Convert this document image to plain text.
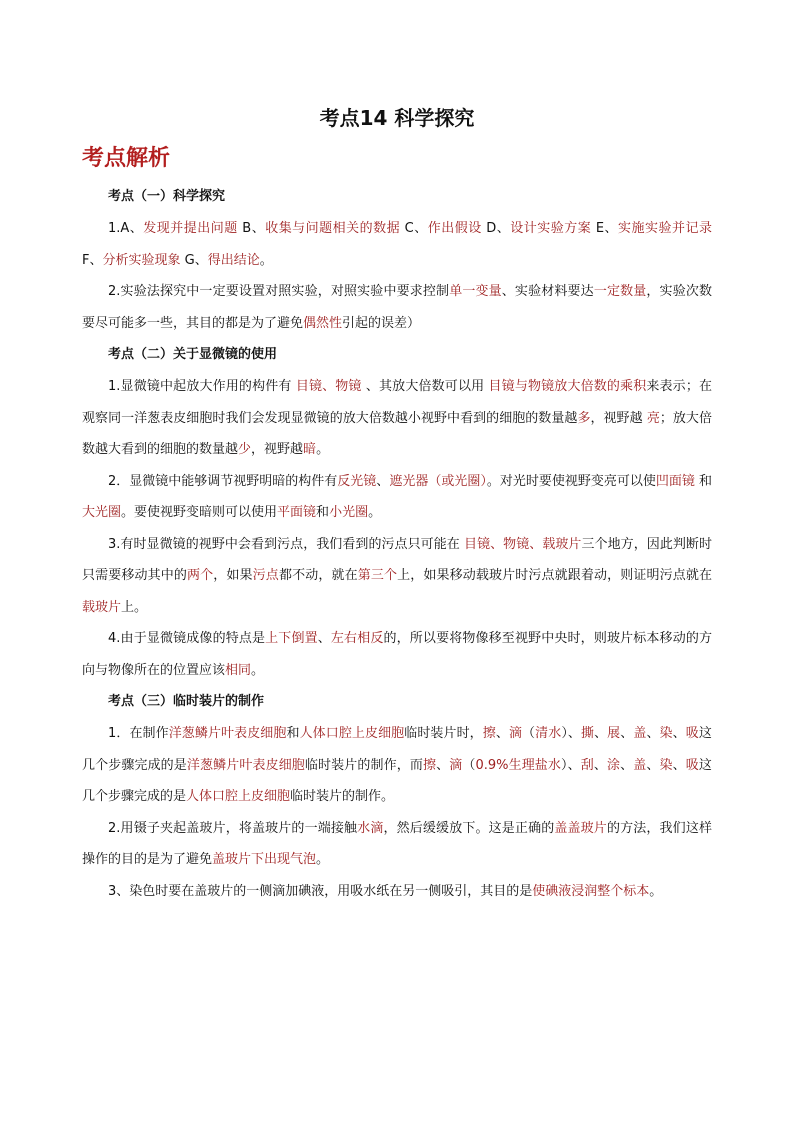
考点14 科学探究
考点解析

考点（一）科学探究

1.A、发现并提出问题 B、收集与问题相关的数据 C、作出假设 D、设计实验方案 E、实施实验并记录 F、分析实验现象 G、得出结论。

2.实验法探究中一定要设置对照实验，对照实验中要求控制单一变量、实验材料要达一定数量，实验次数要尽可能多一些，其目的都是为了避免偶然性引起的误差）

考点（二）关于显微镜的使用

1.显微镜中起放大作用的构件有 目镜、物镜 、其放大倍数可以用 目镜与物镜放大倍数的乘积来表示；在观察同一洋葱表皮细胞时我们会发现显微镜的放大倍数越小视野中看到的细胞的数量越多，视野越 亮；放大倍数越大看到的细胞的数量越少，视野越暗。

2．显微镜中能够调节视野明暗的构件有反光镜、遮光器（或光圈）。对光时要使视野变亮可以使凹面镜 和大光圈。要使视野变暗则可以使用平面镜和小光圈。

3.有时显微镜的视野中会看到污点，我们看到的污点只可能在 目镜、物镜、载玻片三个地方，因此判断时只需要移动其中的两个，如果污点都不动，就在第三个上，如果移动载玻片时污点就跟着动，则证明污点就在载玻片上。

4.由于显微镜成像的特点是上下倒置、左右相反的，所以要将物像移至视野中央时，则玻片标本移动的方向与物像所在的位置应该相同。

考点（三）临时装片的制作

1．在制作洋葱鳞片叶表皮细胞和人体口腔上皮细胞临时装片时，擦、滴（清水）、撕、展、盖、染、吸这几个步骤完成的是洋葱鳞片叶表皮细胞临时装片的制作，而擦、滴（0.9%生理盐水）、刮、涂、盖、染、吸这几个步骤完成的是人体口腔上皮细胞临时装片的制作。

2.用镊子夹起盖玻片，将盖玻片的一端接触水滴，然后缓缓放下。这是正确的盖盖玻片的方法，我们这样操作的目的是为了避免盖玻片下出现气泡。

3、染色时要在盖玻片的一侧滴加碘液，用吸水纸在另一侧吸引，其目的是使碘液浸润整个标本。
